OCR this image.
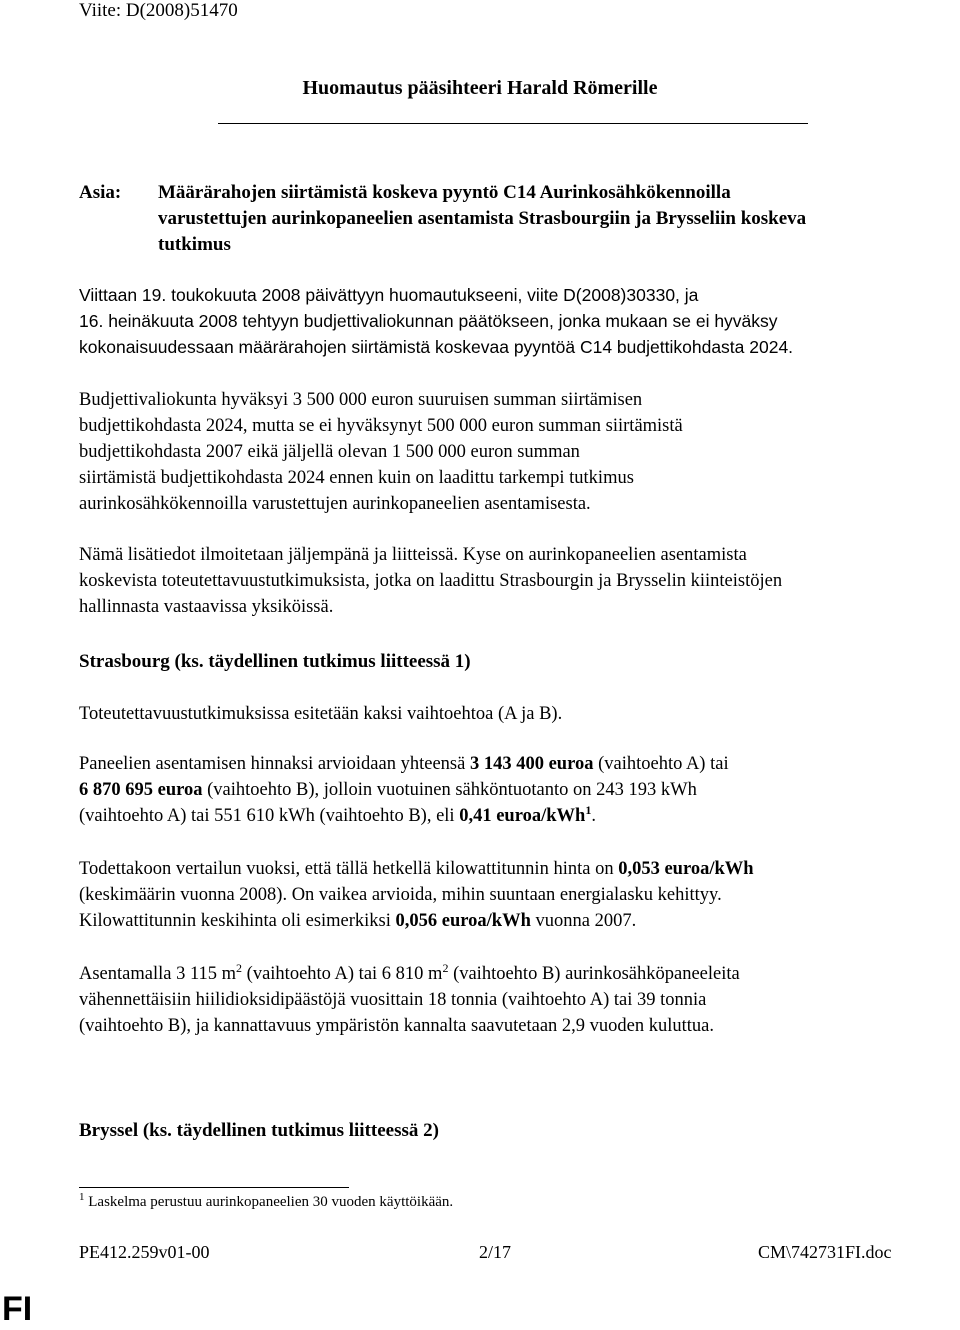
Viite: D(2008)51470
Huomautus pääsihteeri Harald Römerille
Asia: Määrärahojen siirtämistä koskeva pyyntö C14 Aurinkosähkökennoilla
varustettujen aurinkopaneelien asentamista Strasbourgiin ja Brysseliin koskeva
tutkimus
Viittaan 19. toukokuuta 2008 päivättyyn huomautukseeni, viite D(2008)30330, ja
16. heinäkuuta 2008 tehtyyn budjettivaliokunnan päätökseen, jonka mukaan se ei hyväksy
kokonaisuudessaan määrärahojen siirtämistä koskevaa pyyntöä C14 budjettikohdasta 2024.
Budjettivaliokunta hyväksyi 3 500 000 euron suuruisen summan siirtämisen
budjettikohdasta 2024, mutta se ei hyväksynyt 500 000 euron summan siirtämistä
budjettikohdasta 2007 eikä jäljellä olevan 1 500 000 euron summan
siirtämistä budjettikohdasta 2024 ennen kuin on laadittu tarkempi tutkimus
aurinkosähkökennoilla varustettujen aurinkopaneelien asentamisesta.
Nämä lisätiedot ilmoitetaan jäljempänä ja liitteissä. Kyse on aurinkopaneelien asentamista
koskevista toteutettavuustutkimuksista, jotka on laadittu Strasbourgin ja Brysselin kiinteistöjen
hallinnasta vastaavissa yksiköissä.
Strasbourg (ks. täydellinen tutkimus liitteessä 1)
Toteutettavuustutkimuksissa esitetään kaksi vaihtoehtoa (A ja B).
Paneelien asentamisen hinnaksi arvioidaan yhteensä 3 143 400 euroa (vaihtoehto A) tai
6 870 695 euroa (vaihtoehto B), jolloin vuotuinen sähköntuotanto on 243 193 kWh
(vaihtoehto A) tai 551 610 kWh (vaihtoehto B), eli 0,41 euroa/kWh$^1$.
Todettakoon vertailun vuoksi, että tällä hetkellä kilowattitunnin hinta on 0,053 euroa/kWh
(keskimäärin vuonna 2008). On vaikea arvioida, mihin suuntaan energialasku kehittyy.
Kilowattitunnin keskihinta oli esimerkiksi 0,056 euroa/kWh vuonna 2007.
Asentamalla 3 115 $m^2$ (vaihtoehto A) tai 6 810 $m^2$ (vaihtoehto B) aurinkosähköpaneeleita
vähennettäisiin hiilidioksidipäästöjä vuosittain 18 tonnia (vaihtoehto A) tai 39 tonnia
(vaihtoehto B), ja kannattavuus ympäristön kannalta saavutetaan 2,9 vuoden kuluttua.
Bryssel (ks. täydellinen tutkimus liitteessä 2)
$^1$ Laskelma perustuu aurinkopaneelien 30 vuoden käyttöikään.
PE412.259v01-00	2/17	CM\742731FI.doc
FI
